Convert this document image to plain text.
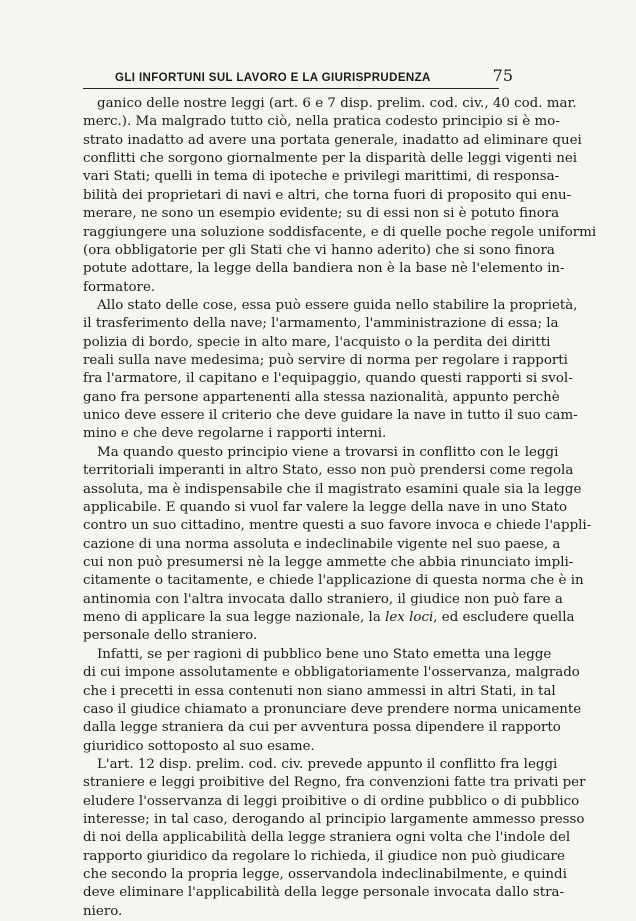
GLI INFORTUNI SUL LAVORO E LA GIURISPRUDENZA	75
ganico delle nostre leggi (art. 6 e 7 disp. prelim. cod. civ., 40 cod. mar.
merc.). Ma malgrado tutto ciò, nella pratica codesto principio si è mo-
strato inadatto ad avere una portata generale, inadatto ad eliminare quei
conflitti che sorgono giornalmente per la disparità delle leggi vigenti nei
vari Stati; quelli in tema di ipoteche e privilegi marittimi, di responsa-
bilità dei proprietari di navi e altri, che torna fuori di proposito qui enu-
merare, ne sono un esempio evidente; su di essi non si è potuto finora
raggiungere una soluzione soddisfacente, e di quelle poche regole uniformi
(ora obbligatorie per gli Stati che vi hanno aderito) che si sono finora
potute adottare, la legge della bandiera non è la base nè l'elemento in-
formatore.
Allo stato delle cose, essa può essere guida nello stabilire la proprietà,
il trasferimento della nave; l'armamento, l'amministrazione di essa; la
polizia di bordo, specie in alto mare, l'acquisto o la perdita dei diritti
reali sulla nave medesima; può servire di norma per regolare i rapporti
fra l'armatore, il capitano e l'equipaggio, quando questi rapporti si svol-
gano fra persone appartenenti alla stessa nazionalità, appunto perchè
unico deve essere il criterio che deve guidare la nave in tutto il suo cam-
mino e che deve regolarne i rapporti interni.
Ma quando questo principio viene a trovarsi in conflitto con le leggi
territoriali imperanti in altro Stato, esso non può prendersi come regola
assoluta, ma è indispensabile che il magistrato esamini quale sia la legge
applicabile. E quando si vuol far valere la legge della nave in uno Stato
contro un suo cittadino, mentre questi a suo favore invoca e chiede l'appli-
cazione di una norma assoluta e indeclinabile vigente nel suo paese, a
cui non può presumersi nè la legge ammette che abbia rinunciato impli-
citamente o tacitamente, e chiede l'applicazione di questa norma che è in
antinomia con l'altra invocata dallo straniero, il giudice non può fare a
meno di applicare la sua legge nazionale, la lex loci, ed escludere quella
personale dello straniero.
Infatti, se per ragioni di pubblico bene uno Stato emetta una legge
di cui impone assolutamente e obbligatoriamente l'osservanza, malgrado
che i precetti in essa contenuti non siano ammessi in altri Stati, in tal
caso il giudice chiamato a pronunciare deve prendere norma unicamente
dalla legge straniera da cui per avventura possa dipendere il rapporto
giuridico sottoposto al suo esame.
L'art. 12 disp. prelim. cod. civ. prevede appunto il conflitto fra leggi
straniere e leggi proibitive del Regno, fra convenzioni fatte tra privati per
eludere l'osservanza di leggi proibitive o di ordine pubblico o di pubblico
interesse; in tal caso, derogando al principio largamente ammesso presso
di noi della applicabilità della legge straniera ogni volta che l'indole del
rapporto giuridico da regolare lo richieda, il giudice non può giudicare
che secondo la propria legge, osservandola indeclinabilmente, e quindi
deve eliminare l'applicabilità della legge personale invocata dallo stra-
niero.
